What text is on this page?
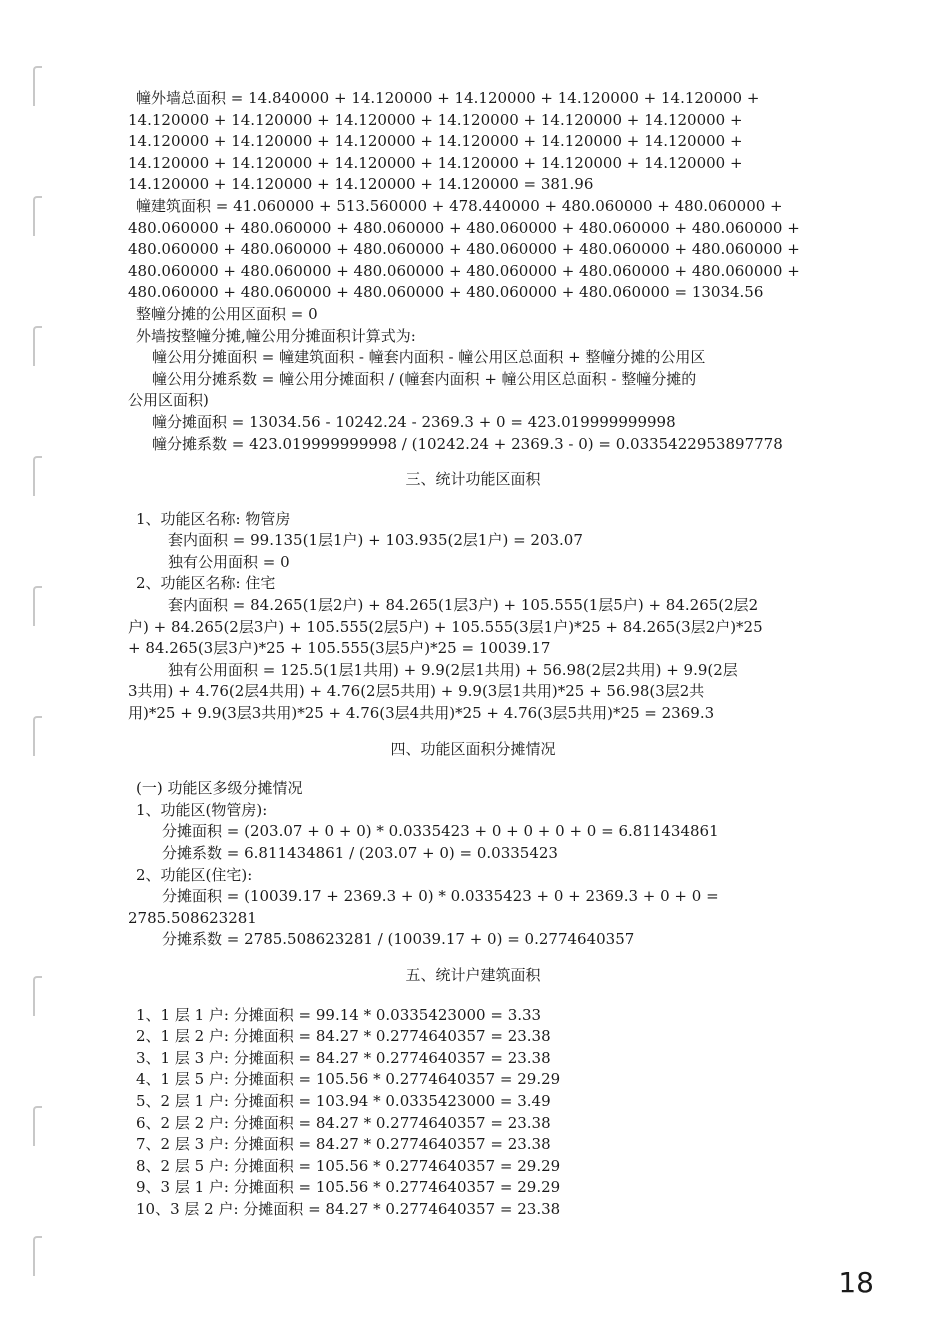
幢外墙总面积 = 14.840000 + 14.120000 + 14.120000 + 14.120000 + 14.120000 +

14.120000 + 14.120000 + 14.120000 + 14.120000 + 14.120000 + 14.120000 +

14.120000 + 14.120000 + 14.120000 + 14.120000 + 14.120000 + 14.120000 +

14.120000 + 14.120000 + 14.120000 + 14.120000 + 14.120000 + 14.120000 +

14.120000 + 14.120000 + 14.120000 + 14.120000 = 381.96

幢建筑面积 = 41.060000 + 513.560000 + 478.440000 + 480.060000 + 480.060000 +

480.060000 + 480.060000 + 480.060000 + 480.060000 + 480.060000 + 480.060000 +

480.060000 + 480.060000 + 480.060000 + 480.060000 + 480.060000 + 480.060000 +

480.060000 + 480.060000 + 480.060000 + 480.060000 + 480.060000 + 480.060000 +

480.060000 + 480.060000 + 480.060000 + 480.060000 + 480.060000 = 13034.56

整幢分摊的公用区面积 = 0

外墙按整幢分摊,幢公用分摊面积计算式为:

幢公用分摊面积 = 幢建筑面积 - 幢套内面积 - 幢公用区总面积 + 整幢分摊的公用区

幢公用分摊系数 = 幢公用分摊面积 / (幢套内面积 + 幢公用区总面积 - 整幢分摊的

公用区面积)

幢分摊面积 = 13034.56 - 10242.24 - 2369.3 + 0 = 423.019999999998

幢分摊系数 = 423.019999999998 / (10242.24 + 2369.3 - 0) = 0.0335422953897778

三、统计功能区面积

1、功能区名称: 物管房

套内面积 = 99.135(1层1户) + 103.935(2层1户) = 203.07

独有公用面积 = 0

2、功能区名称: 住宅

套内面积 = 84.265(1层2户) + 84.265(1层3户) + 105.555(1层5户) + 84.265(2层2

户) + 84.265(2层3户) + 105.555(2层5户) + 105.555(3层1户)*25 + 84.265(3层2户)*25

+ 84.265(3层3户)*25 + 105.555(3层5户)*25 = 10039.17

独有公用面积 = 125.5(1层1共用) + 9.9(2层1共用) + 56.98(2层2共用) + 9.9(2层

3共用) + 4.76(2层4共用) + 4.76(2层5共用) + 9.9(3层1共用)*25 + 56.98(3层2共

用)*25 + 9.9(3层3共用)*25 + 4.76(3层4共用)*25 + 4.76(3层5共用)*25 = 2369.3

四、功能区面积分摊情况

(一) 功能区多级分摊情况

1、功能区(物管房):

分摊面积 = (203.07 + 0 + 0) * 0.0335423 + 0 + 0 + 0 + 0 = 6.811434861

分摊系数 = 6.811434861 / (203.07 + 0) = 0.0335423

2、功能区(住宅):

分摊面积 = (10039.17 + 2369.3 + 0) * 0.0335423 + 0 + 2369.3 + 0 + 0 =

2785.508623281

分摊系数 = 2785.508623281 / (10039.17 + 0) = 0.2774640357

五、统计户建筑面积

1、1 层 1 户: 分摊面积 = 99.14 * 0.0335423000 = 3.33

2、1 层 2 户: 分摊面积 = 84.27 * 0.2774640357 = 23.38

3、1 层 3 户: 分摊面积 = 84.27 * 0.2774640357 = 23.38

4、1 层 5 户: 分摊面积 = 105.56 * 0.2774640357 = 29.29

5、2 层 1 户: 分摊面积 = 103.94 * 0.0335423000 = 3.49

6、2 层 2 户: 分摊面积 = 84.27 * 0.2774640357 = 23.38

7、2 层 3 户: 分摊面积 = 84.27 * 0.2774640357 = 23.38

8、2 层 5 户: 分摊面积 = 105.56 * 0.2774640357 = 29.29

9、3 层 1 户: 分摊面积 = 105.56 * 0.2774640357 = 29.29

10、3 层 2 户: 分摊面积 = 84.27 * 0.2774640357 = 23.38

18
